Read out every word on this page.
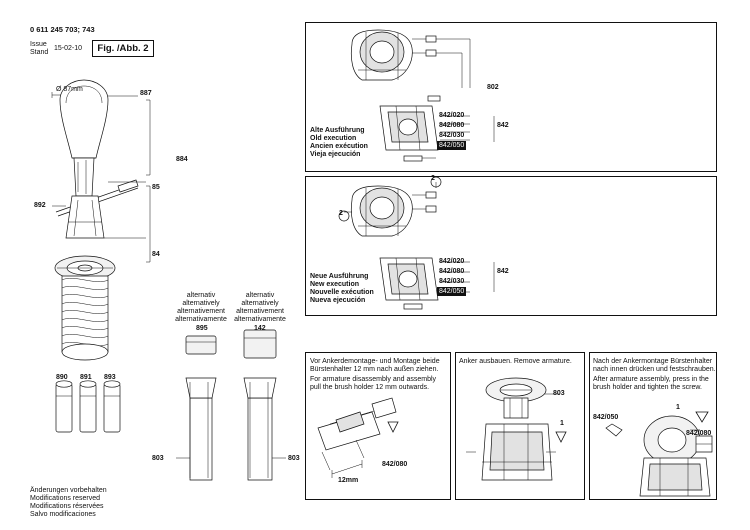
0 611 245 703; 743
Issue
Stand
15-02-10	Fig. /Abb. 2
Änderungen vorbehalten
Modifications reserved
Modifications réservées
Salvo modificaciones
Ø 87mm
887
884
85
84
892
890 891 893
alternativ
alternatively
alternativement
alternativamente
895
803
alternativ
alternatively
alternativement
alternativamente
142
803
802
842/020
842/080
842/030
842/050
842
Alte Ausführung
Old execution
Ancien exécution
Vieja ejecución
2
2
842/020
842/080
842/030
842/050
842
Neue Ausführung
New execution
Nouvelle exécution
Nueva ejecución
Vor Ankerdemontage- und Montage beide
Bürstenhalter 12 mm nach außen ziehen.
For armature disassembly and assembly
pull the brush holder 12 mm outwards.
12mm
842/080
Anker ausbauen. Remove armature.
803
1
Nach der Ankermontage Bürstenhalter
nach innen drücken und festschrauben.
After armature assembly, press in the
brush holder and tighten the screw.
842/050
842/080
1
